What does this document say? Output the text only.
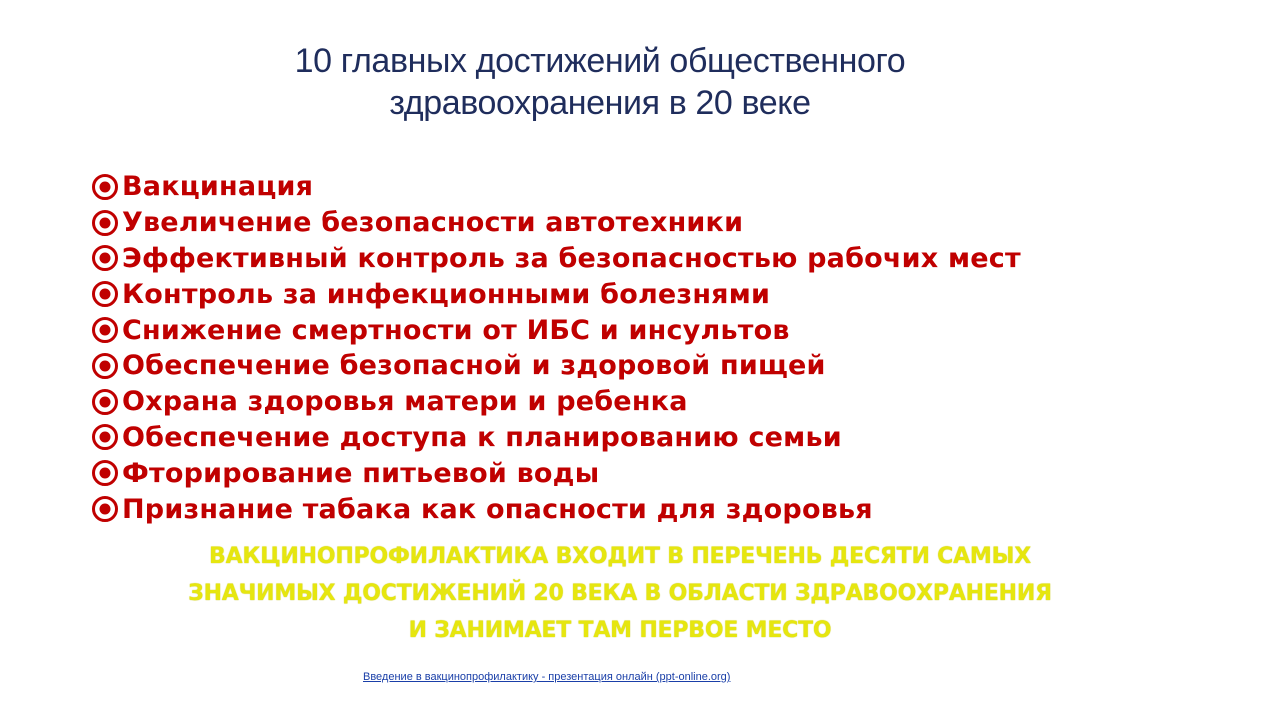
10 главных достижений общественного
здравоохранения в 20 веке
Вакцинация
Увеличение безопасности автотехники
Эффективный контроль за безопасностью рабочих мест
Контроль за инфекционными болезнями
Снижение смертности от ИБС и инсультов
Обеспечение безопасной и здоровой пищей
Охрана здоровья матери и ребенка
Обеспечение доступа к планированию семьи
Фторирование питьевой воды
Признание табака как опасности для здоровья
ВАКЦИНОПРОФИЛАКТИКА ВХОДИТ В ПЕРЕЧЕНЬ ДЕСЯТИ САМЫХ
ЗНАЧИМЫХ ДОСТИЖЕНИЙ 20 ВЕКА В ОБЛАСТИ ЗДРАВООХРАНЕНИЯ
И ЗАНИМАЕТ ТАМ ПЕРВОЕ МЕСТО
Введение в вакцинопрофилактику - презентация онлайн (ppt-online.org)
